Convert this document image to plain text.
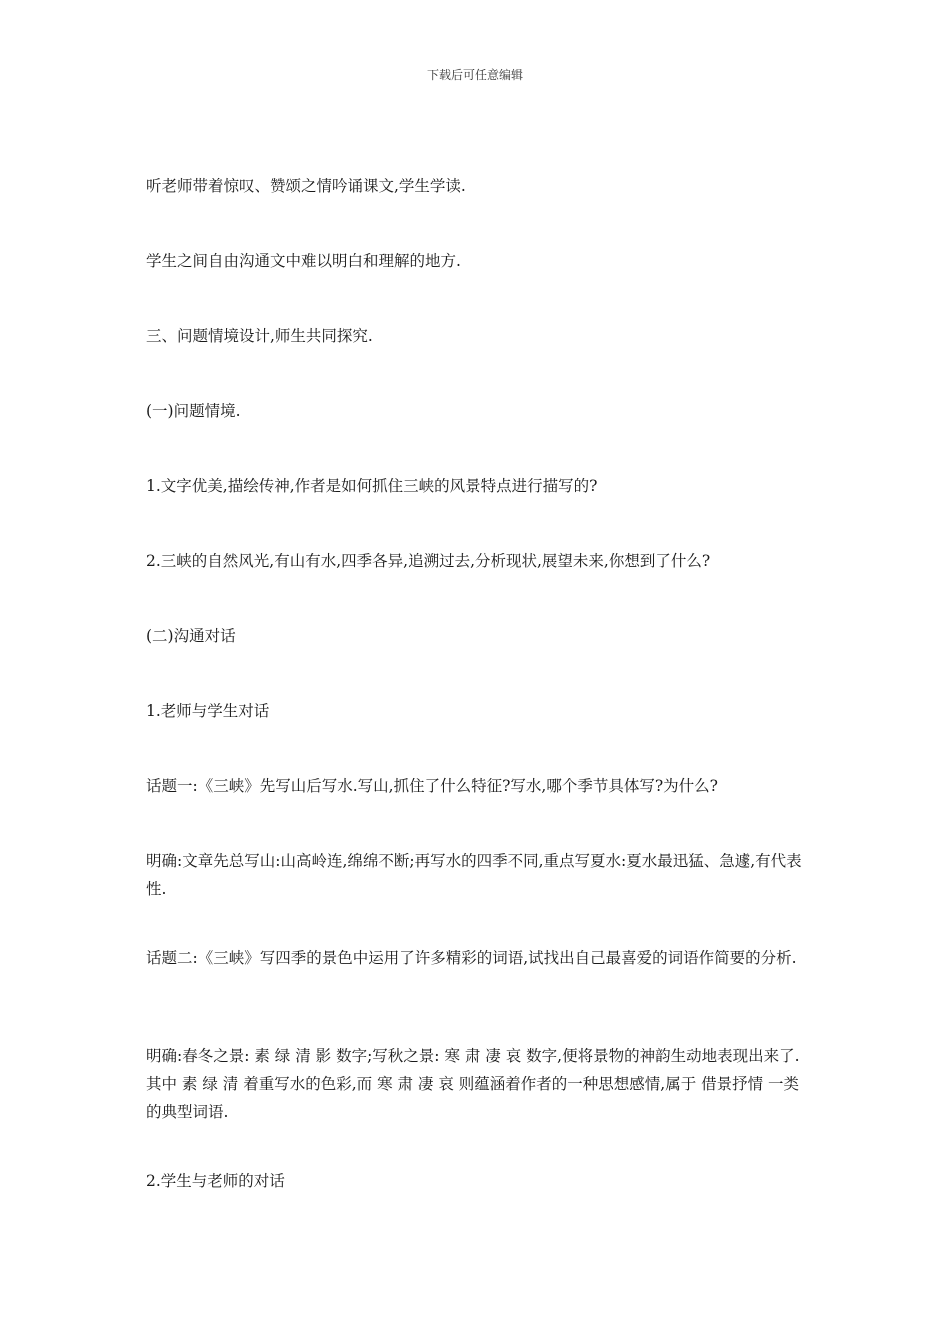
下载后可任意编辑

听老师带着惊叹、赞颂之情吟诵课文,学生学读.

学生之间自由沟通文中难以明白和理解的地方.

三、问题情境设计,师生共同探究.

(一)问题情境.

1.文字优美,描绘传神,作者是如何抓住三峡的风景特点进行描写的?

2.三峡的自然风光,有山有水,四季各异,追溯过去,分析现状,展望未来,你想到了什么?

(二)沟通对话

1.老师与学生对话

话题一:《三峡》先写山后写水.写山,抓住了什么特征?写水,哪个季节具体写?为什么?

明确:文章先总写山:山高岭连,绵绵不断;再写水的四季不同,重点写夏水:夏水最迅猛、急遽,有代表性.

话题二:《三峡》写四季的景色中运用了许多精彩的词语,试找出自己最喜爱的词语作简要的分析.

明确:春冬之景: 素 绿 清 影 数字;写秋之景: 寒 肃 凄 哀 数字,便将景物的神韵生动地表现出来了.其中 素 绿 清 着重写水的色彩,而 寒 肃 凄 哀 则蕴涵着作者的一种思想感情,属于 借景抒情 一类的典型词语.

2.学生与老师的对话
